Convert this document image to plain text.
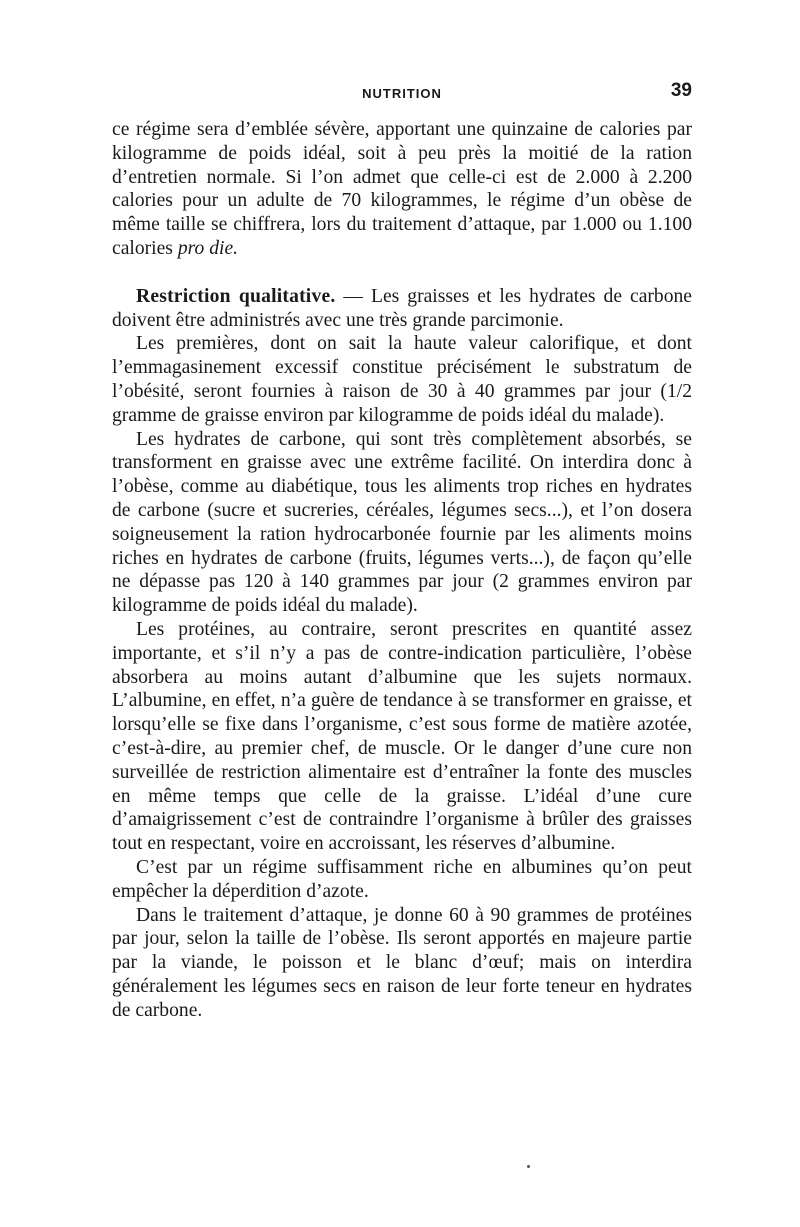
NUTRITION	39

ce régime sera d’emblée sévère, apportant une quinzaine de calories par kilogramme de poids idéal, soit à peu près la moitié de la ration d’entretien normale. Si l’on admet que celle-ci est de 2.000 à 2.200 calories pour un adulte de 70 kilogrammes, le régime d’un obèse de même taille se chiffrera, lors du traitement d’attaque, par 1.000 ou 1.100 calories pro die.

Restriction qualitative. — Les graisses et les hydrates de carbone doivent être administrés avec une très grande parcimonie.

Les premières, dont on sait la haute valeur calorifique, et dont l’emmagasinement excessif constitue précisément le substratum de l’obésité, seront fournies à raison de 30 à 40 grammes par jour (1/2 gramme de graisse environ par kilogramme de poids idéal du malade).

Les hydrates de carbone, qui sont très complètement absorbés, se transforment en graisse avec une extrême facilité. On interdira donc à l’obèse, comme au diabétique, tous les aliments trop riches en hydrates de carbone (sucre et sucreries, céréales, légumes secs...), et l’on dosera soigneusement la ration hydrocarbonée fournie par les aliments moins riches en hydrates de carbone (fruits, légumes verts...), de façon qu’elle ne dépasse pas 120 à 140 grammes par jour (2 grammes environ par kilogramme de poids idéal du malade).

Les protéines, au contraire, seront prescrites en quantité assez importante, et s’il n’y a pas de contre-indication particulière, l’obèse absorbera au moins autant d’albumine que les sujets normaux. L’albumine, en effet, n’a guère de tendance à se transformer en graisse, et lorsqu’elle se fixe dans l’organisme, c’est sous forme de matière azotée, c’est-à-dire, au premier chef, de muscle. Or le danger d’une cure non surveillée de restriction alimentaire est d’entraîner la fonte des muscles en même temps que celle de la graisse. L’idéal d’une cure d’amaigrissement c’est de contraindre l’organisme à brûler des graisses tout en respectant, voire en accroissant, les réserves d’albumine.

C’est par un régime suffisamment riche en albumines qu’on peut empêcher la déperdition d’azote.

Dans le traitement d’attaque, je donne 60 à 90 grammes de protéines par jour, selon la taille de l’obèse. Ils seront apportés en majeure partie par la viande, le poisson et le blanc d’œuf; mais on interdira généralement les légumes secs en raison de leur forte teneur en hydrates de carbone.
